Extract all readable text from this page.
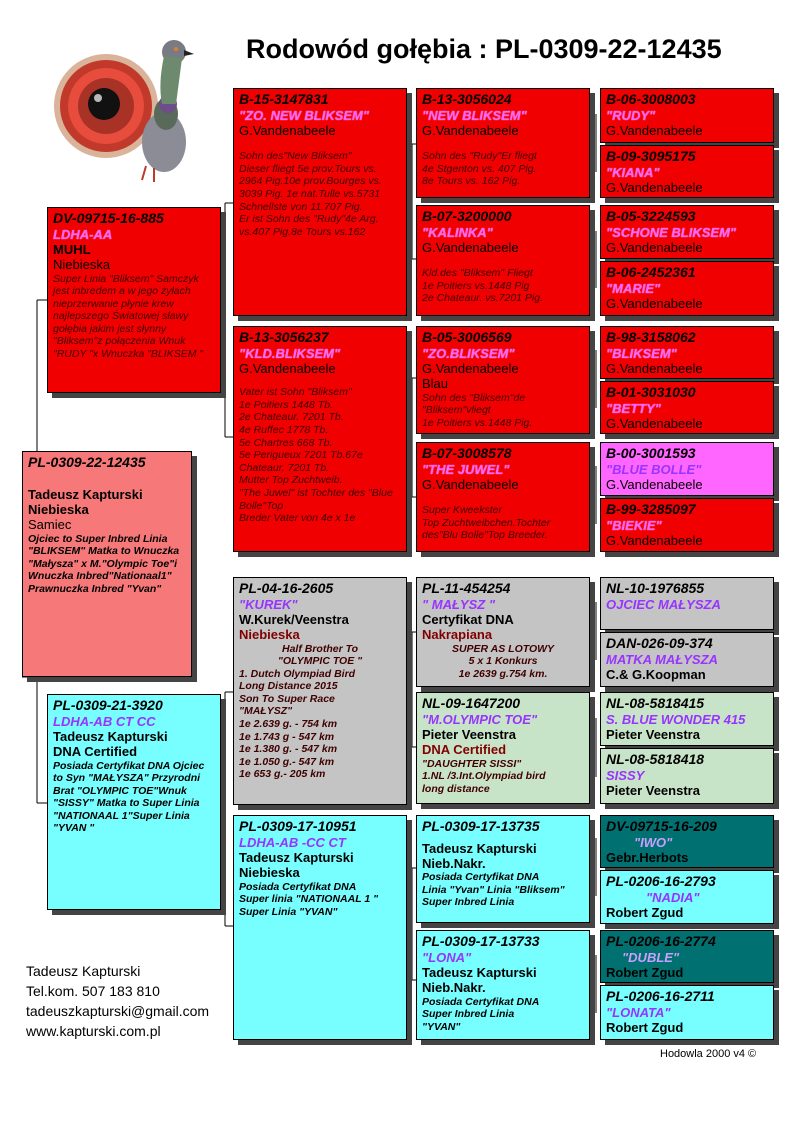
Rodowód gołębia : PL-0309-22-12435
PL-0309-22-12435
Tadeusz Kapturski
Niebieska
Samiec
Ojciec to Super Inbred Linia "BLIKSEM" Matka to Wnuczka "Małysza" x M."Olympic Toe"i Wnuczka Inbred"Nationaal1" Prawnuczka Inbred "Yvan"
DV-09715-16-885
LDHA-AA
MUHL
Niebieska
Super Linia "Bliksem" Samczyk jest inbredem a w jego żyłach nieprzerwanie płynie krew najlepszego Światowej sławy gołębia jakim jest słynny "Bliksem"z połączenia Wnuk "RUDY "x Wnuczka "BLIKSEM "
PL-0309-21-3920
LDHA-AB CT CC
Tadeusz Kapturski
DNA Certified
Posiada Certyfikat DNA Ojciec to Syn "MAŁYSZA" Przyrodni Brat "OLYMPIC TOE"Wnuk "SISSY" Matka to Super Linia "NATIONAAL 1"Super Linia "YVAN "
B-15-3147831
"ZO. NEW BLIKSEM"
G.Vandenabeele
Sohn des"New Bliksem"
Dieser fliegt 5e prov.Tours vs.
2964 Pig.10e prov.Bourges vs.
3039 Pig. 1e nat.Tulle vs.5731
Schnellste von 11.707 Pig.
Er ist Sohn des "Rudy"4e Arg.
vs.407 Pig.8e Tours vs.162
B-13-3056237
"KLD.BLIKSEM"
G.Vandenabeele
Vater ist Sohn "Bliksem"
1e Poitiers 1448 Tb.
2e Chateaur. 7201 Tb.
4e Ruffec 1778 Tb.
5e Chartres 668 Tb.
5e Perigueux 7201 Tb.67e Chateaur. 7201 Tb.
Mutter Top Zuchtweib.
"The Juwel" ist Tochter des "Blue Bolle"Top
Breder Vater von 4e x 1e
PL-04-16-2605
"KUREK"
W.Kurek/Veenstra
Niebieska
Half Brother To
"OLYMPIC TOE "
1. Dutch Olympiad Bird
Long Distance 2015
Son To Super Race
"MAŁYSZ"
1e 2.639 g. - 754 km
1e 1.743 g - 547 km
1e 1.380 g. - 547 km
1e 1.050 g.- 547 km
1e 653 g.- 205 km
PL-0309-17-10951
LDHA-AB -CC CT
Tadeusz Kapturski
Niebieska
Posiada Certyfikat DNA
Super linia "NATIONAAL 1 "
Super Linia "YVAN"
B-13-3056024
"NEW BLIKSEM"
G.Vandenabeele
Sohn des "Rudy"Er fliegt
4e Stgenton vs. 407 Pig.
8e Tours vs. 162 Pig.
B-07-3200000
"KALINKA"
G.Vandenabeele
Kld.des "Bliksem" Fliegt
1e Poitiers vs.1448 Pig
2e Chateaur. vs.7201 Pig.
B-05-3006569
"ZO.BLIKSEM"
G.Vandenabeele
Blau
Sohn des "Bliksem"de
"Bliksem"vliegt
1e Poitiers vs.1448 Pig.
B-07-3008578
"THE JUWEL"
G.Vandenabeele
Super Kweekster
Top Zuchtweibchen.Tochter des"Blu Bolle"Top Breeder.
PL-11-454254
" MAŁYSZ "
Certyfikat DNA
Nakrapiana
SUPER AS LOTOWY
5 x 1 Konkurs
1e 2639 g.754 km.
NL-09-1647200
"M.OLYMPIC TOE"
Pieter Veenstra
DNA Certified
"DAUGHTER SISSI"
1.NL /3.Int.Olympiad bird
long distance
PL-0309-17-13735
Tadeusz Kapturski
Nieb.Nakr.
Posiada Certyfikat DNA
Linia "Yvan" Linia "Bliksem"
Super Inbred Linia
PL-0309-17-13733
"LONA"
Tadeusz Kapturski
Nieb.Nakr.
Posiada Certyfikat DNA
Super Inbred Linia
"YVAN"
B-06-3008003
"RUDY"
G.Vandenabeele
B-09-3095175
"KIANA"
G.Vandenabeele
B-05-3224593
"SCHONE BLIKSEM"
G.Vandenabeele
B-06-2452361
"MARIE"
G.Vandenabeele
B-98-3158062
"BLIKSEM"
G.Vandenabeele
B-01-3031030
"BETTY"
G.Vandenabeele
B-00-3001593
"BLUE BOLLE"
G.Vandenabeele
B-99-3285097
"BIEKIE"
G.Vandenabeele
NL-10-1976855
OJCIEC MAŁYSZA
DAN-026-09-374
MATKA MAŁYSZA
C.& G.Koopman
NL-08-5818415
S. BLUE WONDER 415
Pieter Veenstra
NL-08-5818418
SISSY
Pieter Veenstra
DV-09715-16-209
"IWO"
Gebr.Herbots
PL-0206-16-2793
"NADIA"
Robert Zgud
PL-0206-16-2774
"DUBLE"
Robert Zgud
PL-0206-16-2711
"LONATA"
Robert Zgud
Tadeusz Kapturski
Tel.kom. 507 183 810
tadeuszkapturski@gmail.com
www.kapturski.com.pl
Hodowla 2000 v4 ©
